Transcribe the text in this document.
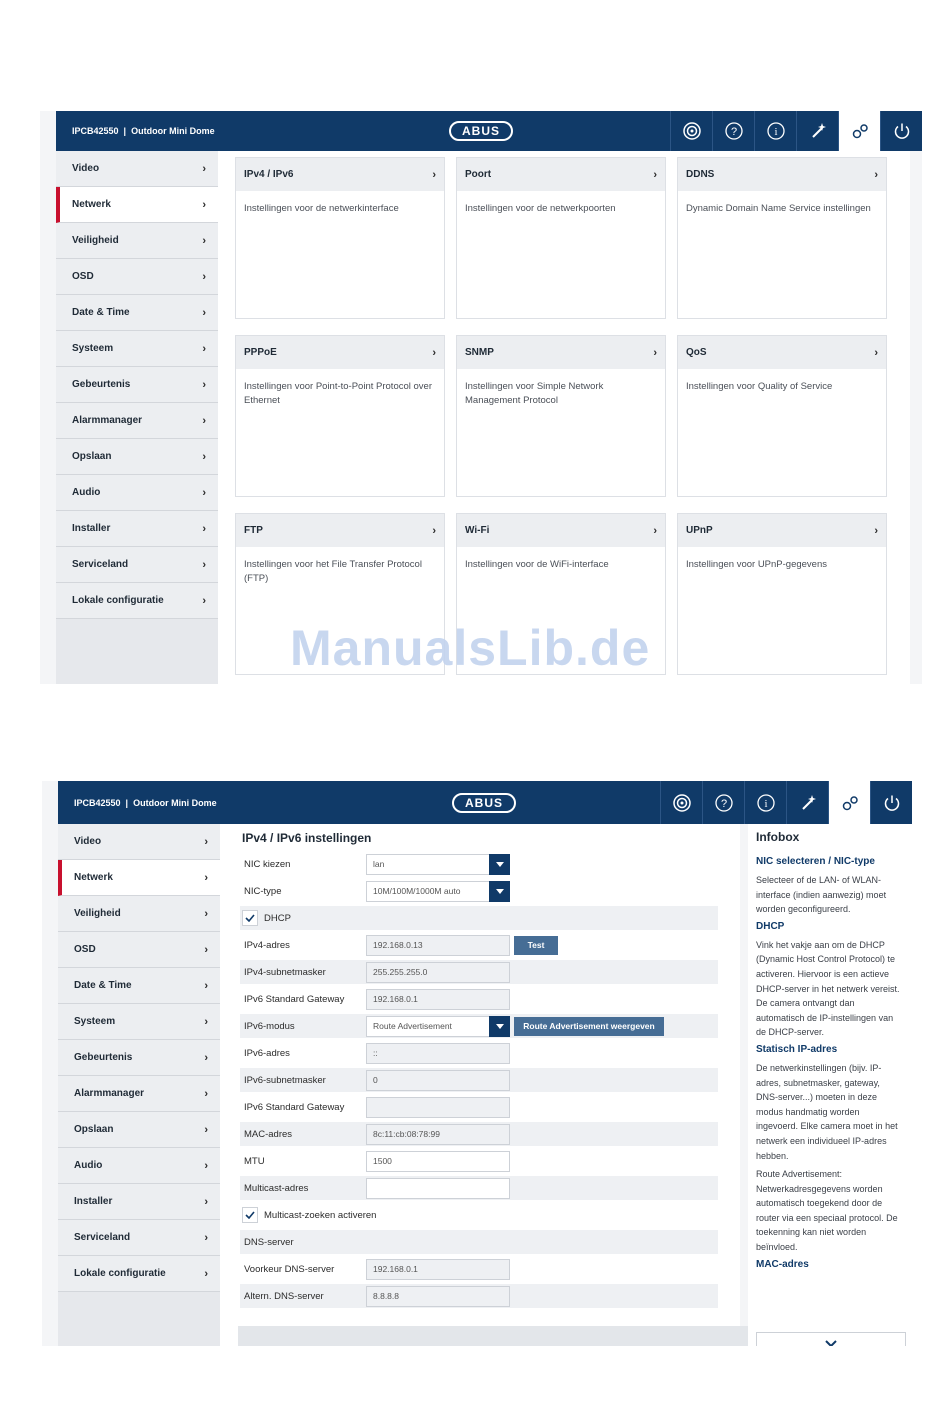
IPCB42550
|
Outdoor Mini Dome	ABUS	?	i
Video	›
Netwerk	›
Veiligheid	›
OSD	›
Date & Time	›
Systeem	›
Gebeurtenis	›
Alarmmanager	›
Opslaan	›
Audio	›
Installer	›
Serviceland	›
Lokale configuratie	›
IPv4 / IPv6	›
Instellingen voor de netwerkinterface
Poort	›
Instellingen voor de netwerkpoorten
DDNS	›
Dynamic Domain Name Service instellingen
PPPoE	›
Instellingen voor Point-to-Point Protocol over Ethernet
SNMP	›
Instellingen voor Simple Network Management Protocol
QoS	›
Instellingen voor Quality of Service
FTP	›
Instellingen voor het File Transfer Protocol (FTP)
Wi-Fi	›
Instellingen voor de WiFi-interface
UPnP	›
Instellingen voor UPnP-gegevens
ManualsLib.de
IPCB42550
|
Outdoor Mini Dome	ABUS	?	i
Video	›
Netwerk	›
Veiligheid	›
OSD	›
Date & Time	›
Systeem	›
Gebeurtenis	›
Alarmmanager	›
Opslaan	›
Audio	›
Installer	›
Serviceland	›
Lokale configuratie	›
IPv4 / IPv6 instellingen
NIC kiezen	lan
NIC-type	10M/100M/1000M auto
DHCP
IPv4-adres	192.168.0.13	Test
IPv4-subnetmasker	255.255.255.0
IPv6 Standard Gateway	192.168.0.1
IPv6-modus	Route Advertisement	Route Advertisement weergeven
IPv6-adres	::
IPv6-subnetmasker	0
IPv6 Standard Gateway
MAC-adres	8c:11:cb:08:78:99
MTU	1500
Multicast-adres
Multicast-zoeken activeren
DNS-server
Voorkeur DNS-server	192.168.0.1
Altern. DNS-server	8.8.8.8
Infobox
NIC selecteren / NIC-type
Selecteer of de LAN- of WLAN-interface (indien aanwezig) moet worden geconfigureerd.
DHCP
Vink het vakje aan om de DHCP (Dynamic Host Control Protocol) te activeren. Hiervoor is een actieve DHCP-server in het netwerk vereist. De camera ontvangt dan automatisch de IP-instellingen van de DHCP-server.
Statisch IP-adres
De netwerkinstellingen (bijv. IP-adres, subnetmasker, gateway, DNS-server...) moeten in deze modus handmatig worden ingevoerd. Elke camera moet in het netwerk een individueel IP-adres hebben.
Route Advertisement: Netwerkadresgegevens worden automatisch toegekend door de router via een speciaal protocol. De toekenning kan niet worden beïnvloed.
MAC-adres
